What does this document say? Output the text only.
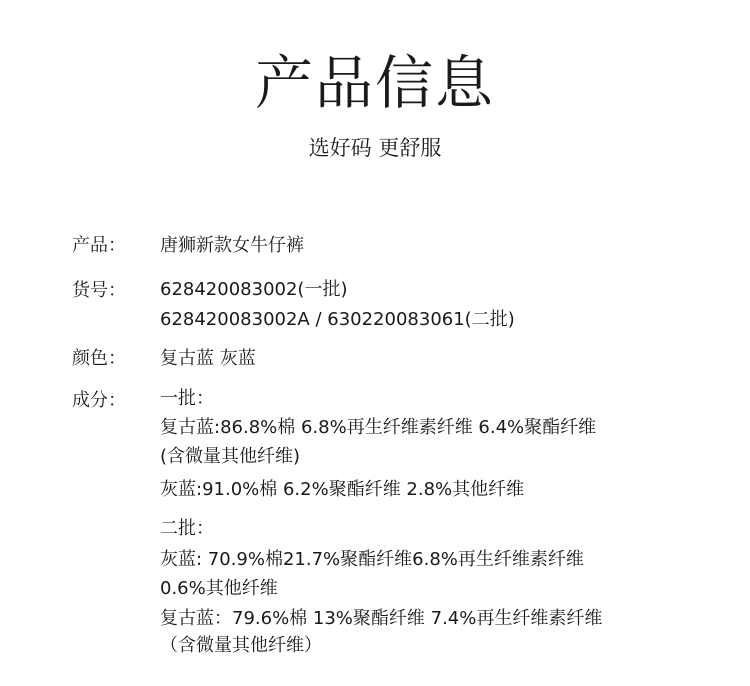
产品信息
选好码 更舒服
产品： 唐狮新款女牛仔裤
货号： 628420083002(一批)
628420083002A / 630220083061(二批)
颜色： 复古蓝 灰蓝
成分： 一批：
复古蓝:86.8%棉 6.8%再生纤维素纤维 6.4%聚酯纤维
(含微量其他纤维)
灰蓝:91.0%棉 6.2%聚酯纤维 2.8%其他纤维
二批：
灰蓝: 70.9%棉21.7%聚酯纤维6.8%再生纤维素纤维
0.6%其他纤维
复古蓝：79.6%棉 13%聚酯纤维 7.4%再生纤维素纤维
（含微量其他纤维）
